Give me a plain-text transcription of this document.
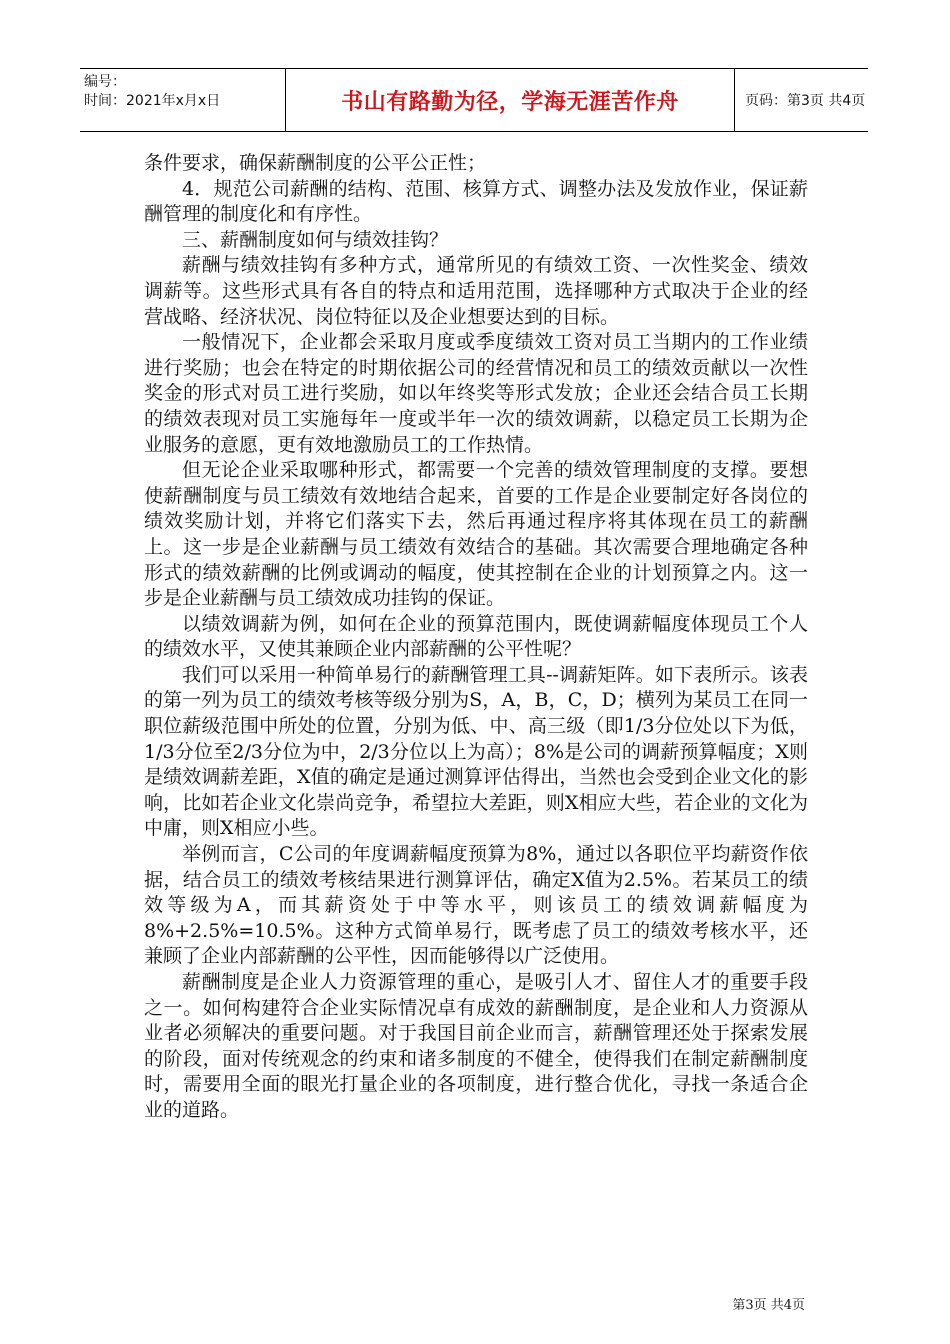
编号：
时间：2021年x月x日	书山有路勤为径，学海无涯苦作舟	页码：第3页 共4页

条件要求，确保薪酬制度的公平公正性；

4．规范公司薪酬的结构、范围、核算方式、调整办法及发放作业，保证薪酬管理的制度化和有序性。

三、薪酬制度如何与绩效挂钩？

薪酬与绩效挂钩有多种方式，通常所见的有绩效工资、一次性奖金、绩效调薪等。这些形式具有各自的特点和适用范围，选择哪种方式取决于企业的经营战略、经济状况、岗位特征以及企业想要达到的目标。

一般情况下，企业都会采取月度或季度绩效工资对员工当期内的工作业绩进行奖励；也会在特定的时期依据公司的经营情况和员工的绩效贡献以一次性奖金的形式对员工进行奖励，如以年终奖等形式发放；企业还会结合员工长期的绩效表现对员工实施每年一度或半年一次的绩效调薪，以稳定员工长期为企业服务的意愿，更有效地激励员工的工作热情。

但无论企业采取哪种形式，都需要一个完善的绩效管理制度的支撑。要想使薪酬制度与员工绩效有效地结合起来，首要的工作是企业要制定好各岗位的绩效奖励计划，并将它们落实下去，然后再通过程序将其体现在员工的薪酬上。这一步是企业薪酬与员工绩效有效结合的基础。其次需要合理地确定各种形式的绩效薪酬的比例或调动的幅度，使其控制在企业的计划预算之内。这一步是企业薪酬与员工绩效成功挂钩的保证。

以绩效调薪为例，如何在企业的预算范围内，既使调薪幅度体现员工个人的绩效水平，又使其兼顾企业内部薪酬的公平性呢？

我们可以采用一种简单易行的薪酬管理工具--调薪矩阵。如下表所示。该表的第一列为员工的绩效考核等级分别为S，A，B，C，D；横列为某员工在同一职位薪级范围中所处的位置，分别为低、中、高三级（即1/3分位处以下为低，1/3分位至2/3分位为中，2/3分位以上为高）；8%是公司的调薪预算幅度；X则是绩效调薪差距，X值的确定是通过测算评估得出，当然也会受到企业文化的影响，比如若企业文化崇尚竞争，希望拉大差距，则X相应大些，若企业的文化为中庸，则X相应小些。

举例而言，C公司的年度调薪幅度预算为8%，通过以各职位平均薪资作依据，结合员工的绩效考核结果进行测算评估，确定X值为2.5%。若某员工的绩效等级为A，而其薪资处于中等水平，则该员工的绩效调薪幅度为8%+2.5%=10.5%。这种方式简单易行，既考虑了员工的绩效考核水平，还兼顾了企业内部薪酬的公平性，因而能够得以广泛使用。

薪酬制度是企业人力资源管理的重心，是吸引人才、留住人才的重要手段之一。如何构建符合企业实际情况卓有成效的薪酬制度，是企业和人力资源从业者必须解决的重要问题。对于我国目前企业而言，薪酬管理还处于探索发展的阶段，面对传统观念的约束和诸多制度的不健全，使得我们在制定薪酬制度时，需要用全面的眼光打量企业的各项制度，进行整合优化，寻找一条适合企业的道路。

第3页 共4页
